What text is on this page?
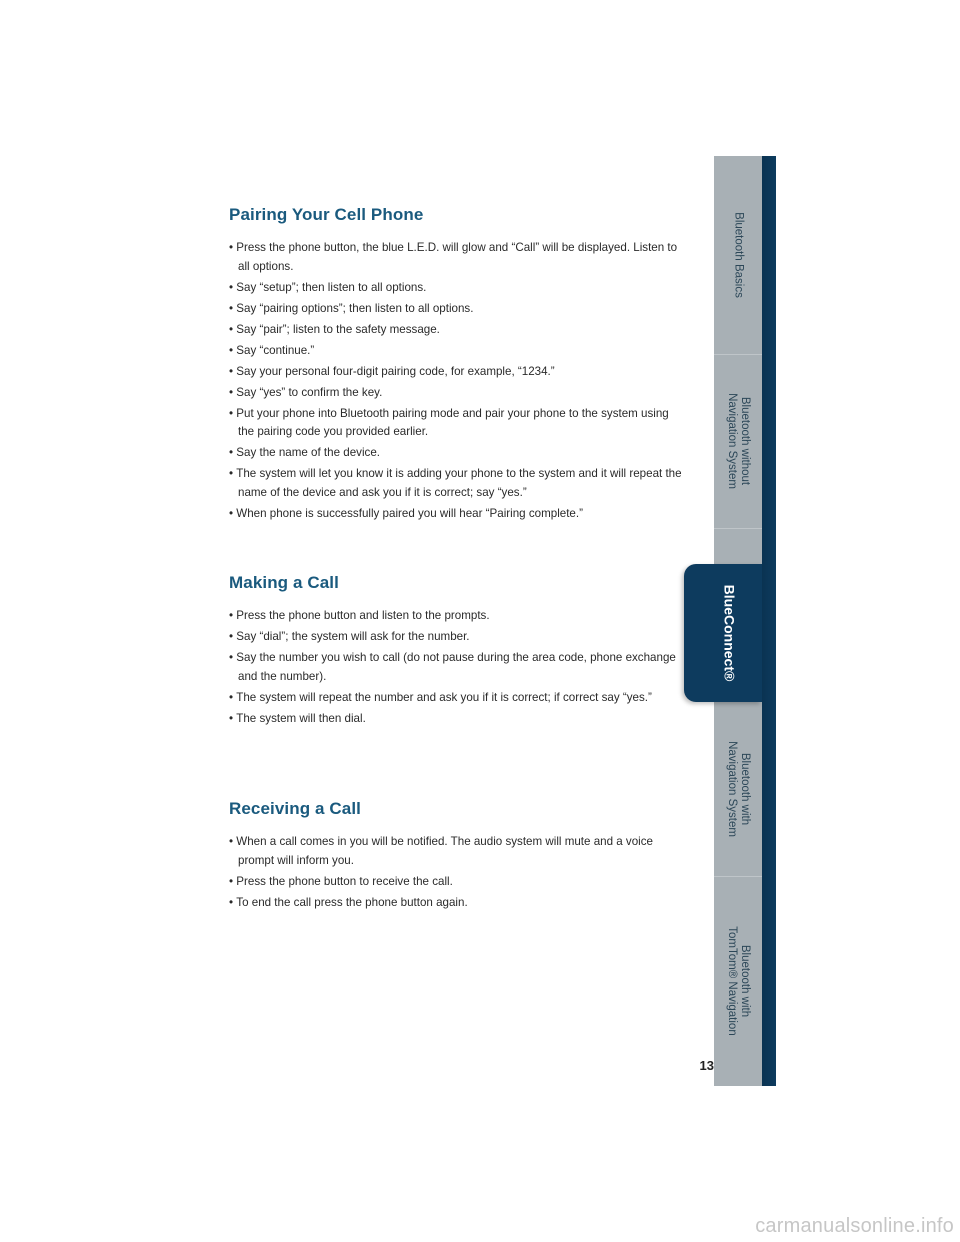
Pairing Your Cell Phone
• Press the phone button, the blue L.E.D. will glow and “Call” will be displayed. Listen to all options.
• Say “setup”; then listen to all options.
• Say “pairing options”; then listen to all options.
• Say “pair”; listen to the safety message.
• Say “continue.”
• Say your personal four-digit pairing code, for example, “1234.”
• Say “yes” to confirm the key.
• Put your phone into Bluetooth pairing mode and pair your phone to the system using the pairing code you provided earlier.
• Say the name of the device.
• The system will let you know it is adding your phone to the system and it will repeat the name of the device and ask you if it is correct; say “yes.”
• When phone is successfully paired you will hear “Pairing complete.”
Making a Call
• Press the phone button and listen to the prompts.
• Say “dial”; the system will ask for the number.
• Say the number you wish to call (do not pause during the area code, phone exchange and the number).
• The system will repeat the number and ask you if it is correct; if correct say “yes.”
• The system will then dial.
Receiving a Call
• When a call comes in you will be notified. The audio system will mute and a voice prompt will inform you.
• Press the phone button to receive the call.
• To end the call press the phone button again.
Bluetooth Basics
Bluetooth without
Navigation System
BlueConnect®
Bluetooth with
Navigation System
Bluetooth with
TomTom® Navigation
13
carmanualsonline.info
